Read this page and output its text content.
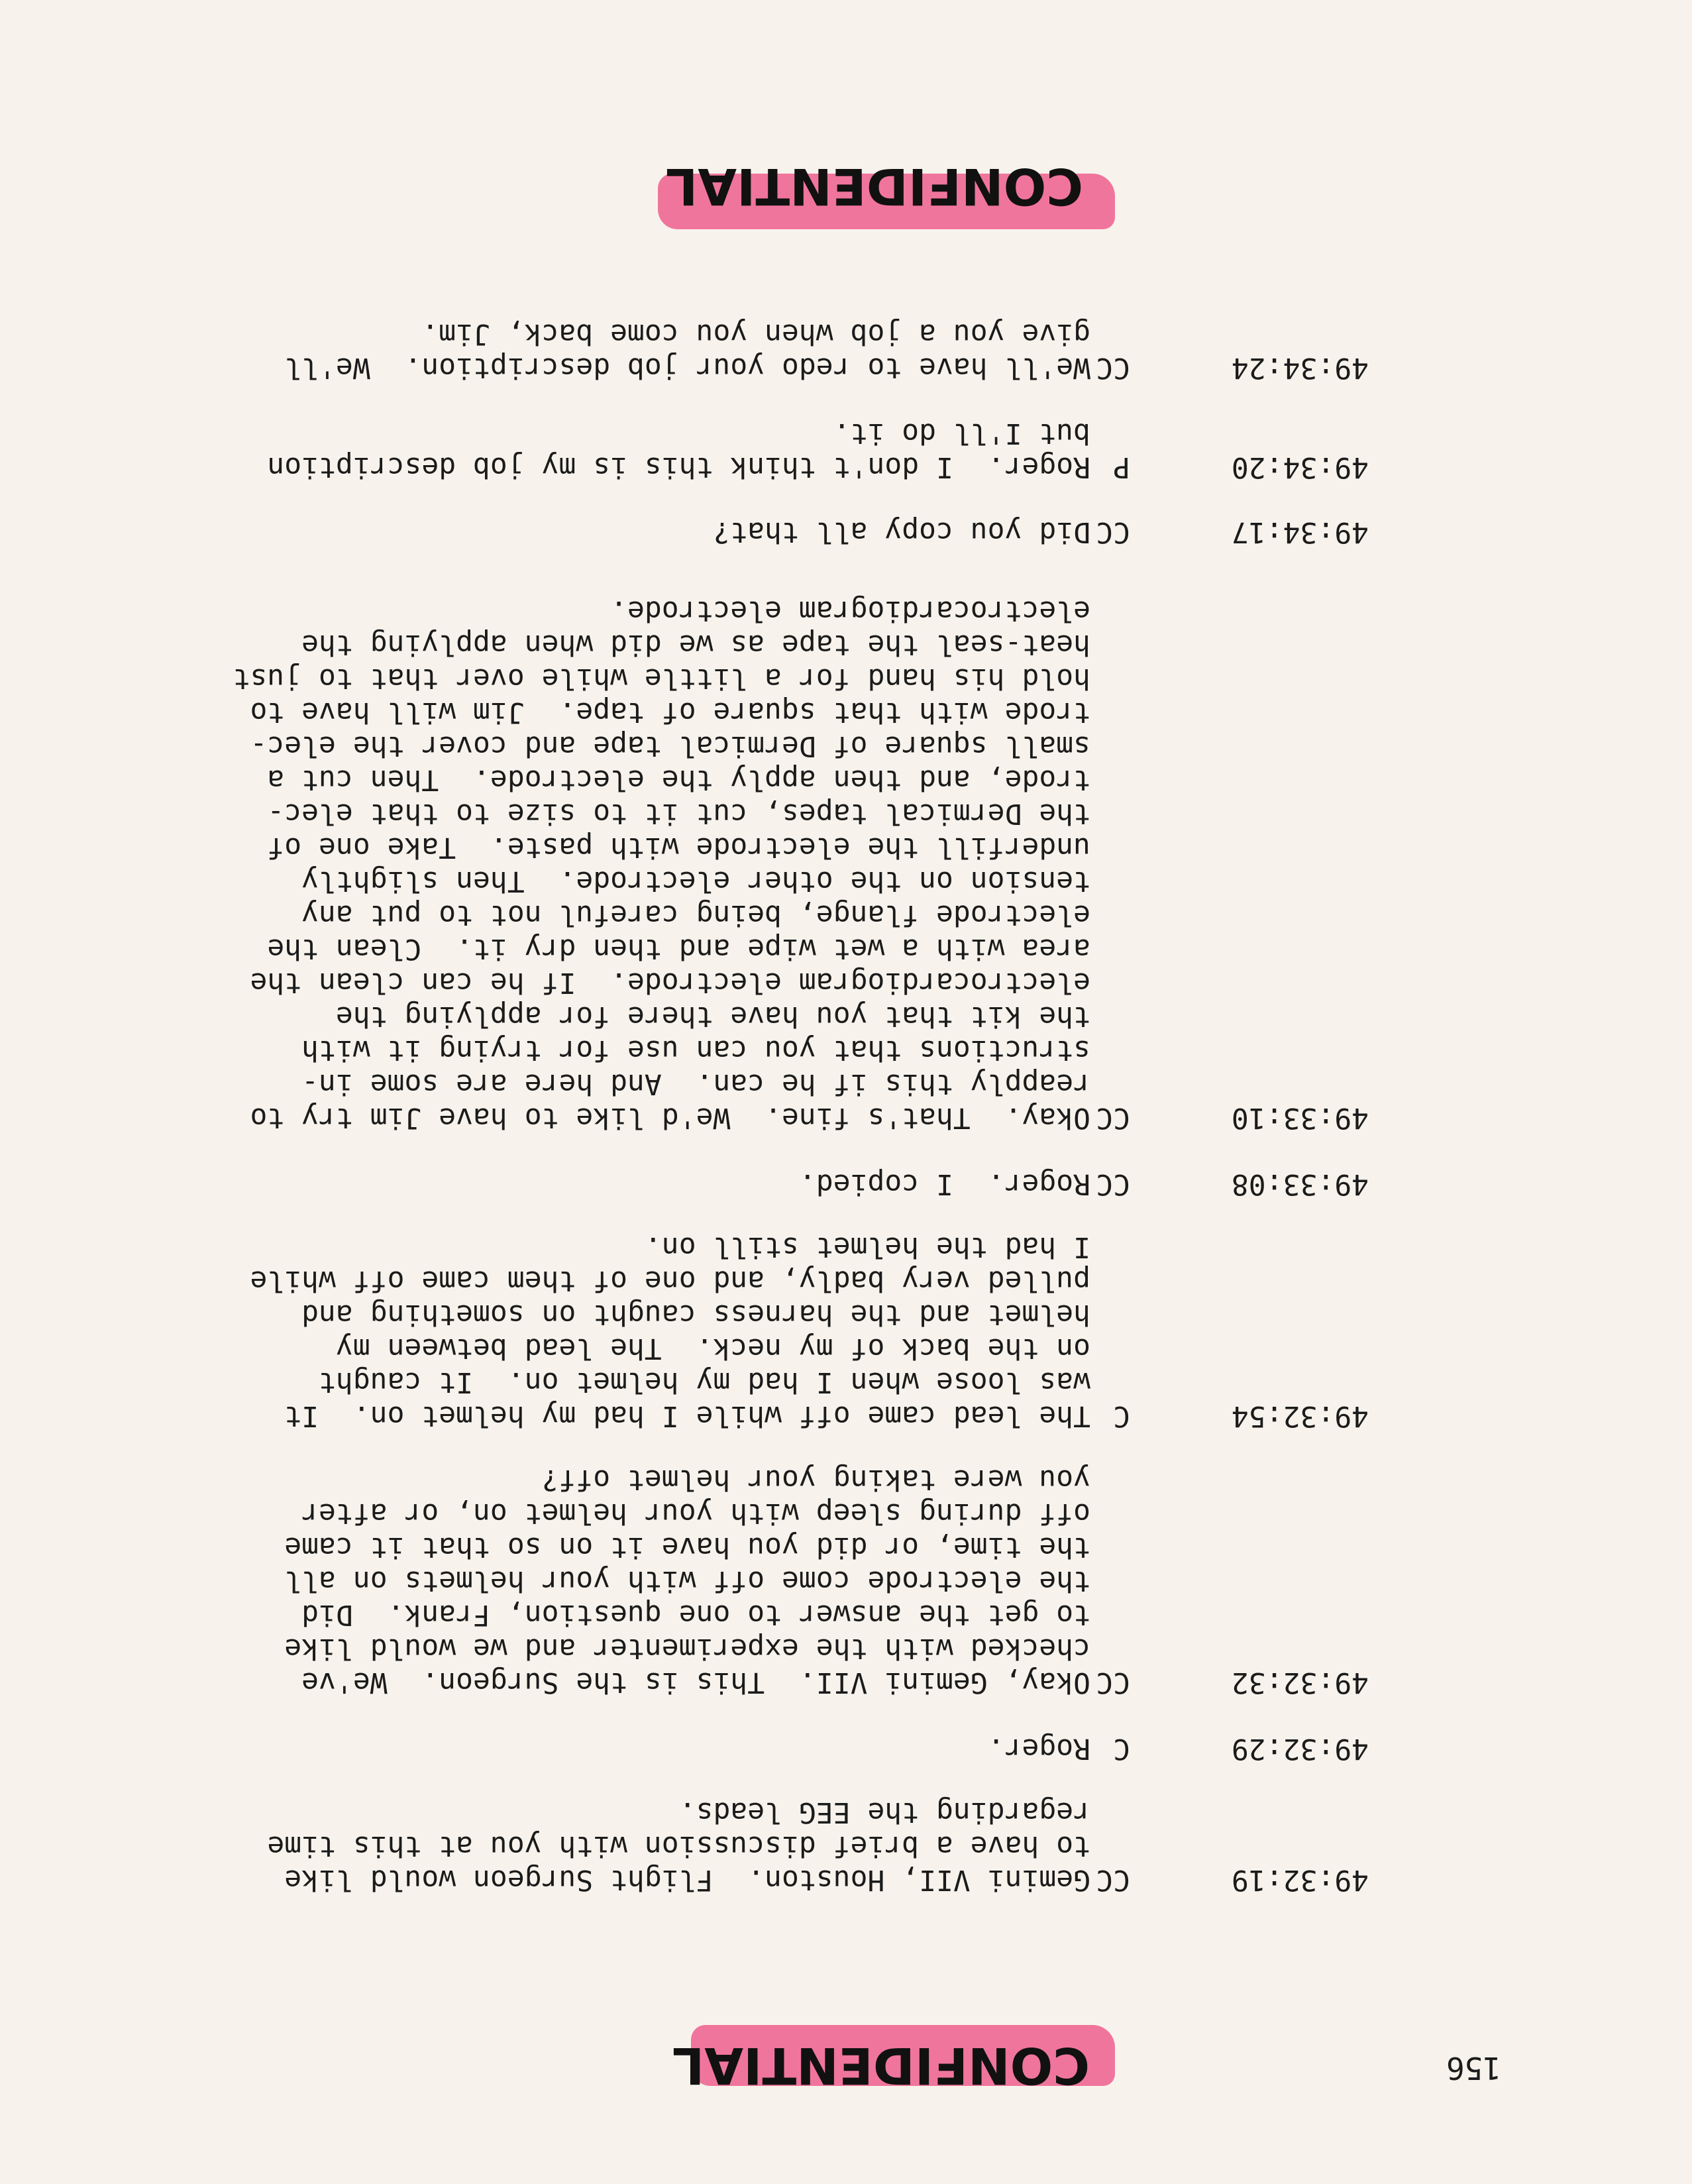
CONFIDENTIAL	156
49:32:19
CC
Gemini VII, Houston.  Flight Surgeon would like
to have a brief discussion with you at this time
regarding the EEG leads.
49:32:29
C
Roger.
49:32:32
CC
Okay, Gemini VII.  This is the Surgeon.  We've
checked with the experimenter and we would like
to get the answer to one question, Frank.  Did
the electrode come off with your helmets on all
the time, or did you have it on so that it came
off during sleep with your helmet on, or after
you were taking your helmet off?
49:32:54
C
The lead came off while I had my helmet on.  It
was loose when I had my helmet on.  It caught
on the back of my neck.  The lead between my
helmet and the harness caught on something and
pulled very badly, and one of them came off while
I had the helmet still on.
49:33:08
CC
Roger.  I copied.
49:33:10
CC
Okay.  That's fine.  We'd like to have Jim try to
reapply this if he can.  And here are some in-
structions that you can use for trying it with
the kit that you have there for applying the
electrocardiogram electrode.  If he can clean the
area with a wet wipe and then dry it.  Clean the
electrode flange, being careful not to put any
tension on the other electrode.  Then slightly
underfill the electrode with paste.  Take one of
the Dermical tapes, cut it to size to that elec-
trode, and then apply the electrode.  Then cut a
small square of Dermical tape and cover the elec-
trode with that square of tape.  Jim will have to
hold his hand for a little while over that to just
heat-seal the tape as we did when applying the
electrocardiogram electrode.
49:34:17
CC
Did you copy all that?
49:34:20
P
Roger.  I don't think this is my job description
but I'll do it.
49:34:24
CC
We'll have to redo your job description.  We'll
give you a job when you come back, Jim.
CONFIDENTIAL
